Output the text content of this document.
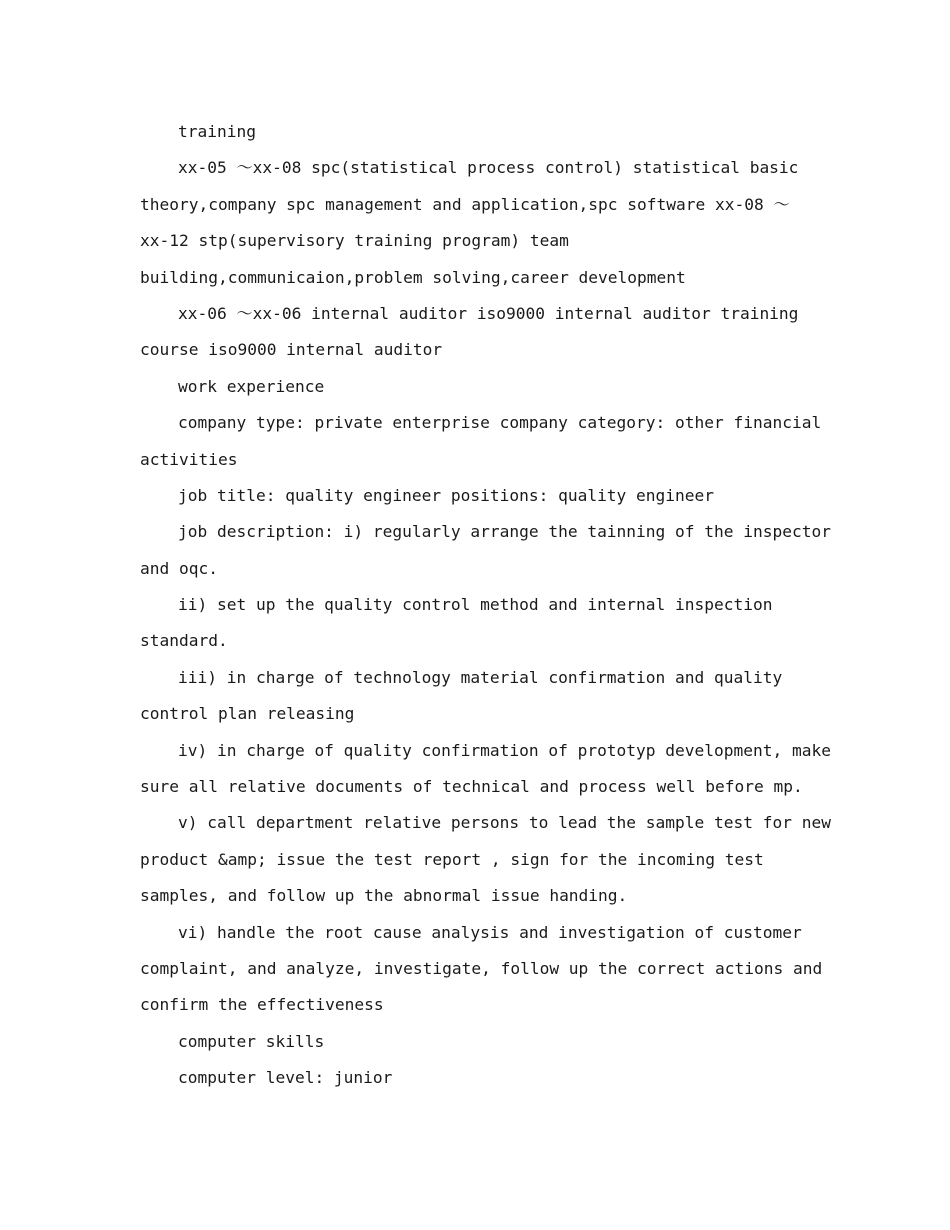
training
xx-05 ～xx-08 spc(statistical process control) statistical basic
theory,company spc management and application,spc software xx-08 ～
xx-12 stp(supervisory training program) team
building,communicaion,problem solving,career development
xx-06 ～xx-06 internal auditor iso9000 internal auditor training
course iso9000 internal auditor
work experience
company type: private enterprise company category: other financial
activities
job title: quality engineer positions: quality engineer
job description: i) regularly arrange the tainning of the inspector
and oqc.
ii) set up the quality control method and internal inspection
standard.
iii) in charge of technology material confirmation and quality
control plan releasing
iv) in charge of quality confirmation of prototyp development, make
sure all relative documents of technical and process well before mp.
v) call department relative persons to lead the sample test for new
product &amp; issue the test report , sign for the incoming test
samples, and follow up the abnormal issue handing.
vi) handle the root cause analysis and investigation of customer
complaint, and analyze, investigate, follow up the correct actions and
confirm the effectiveness
computer skills
computer level: junior
